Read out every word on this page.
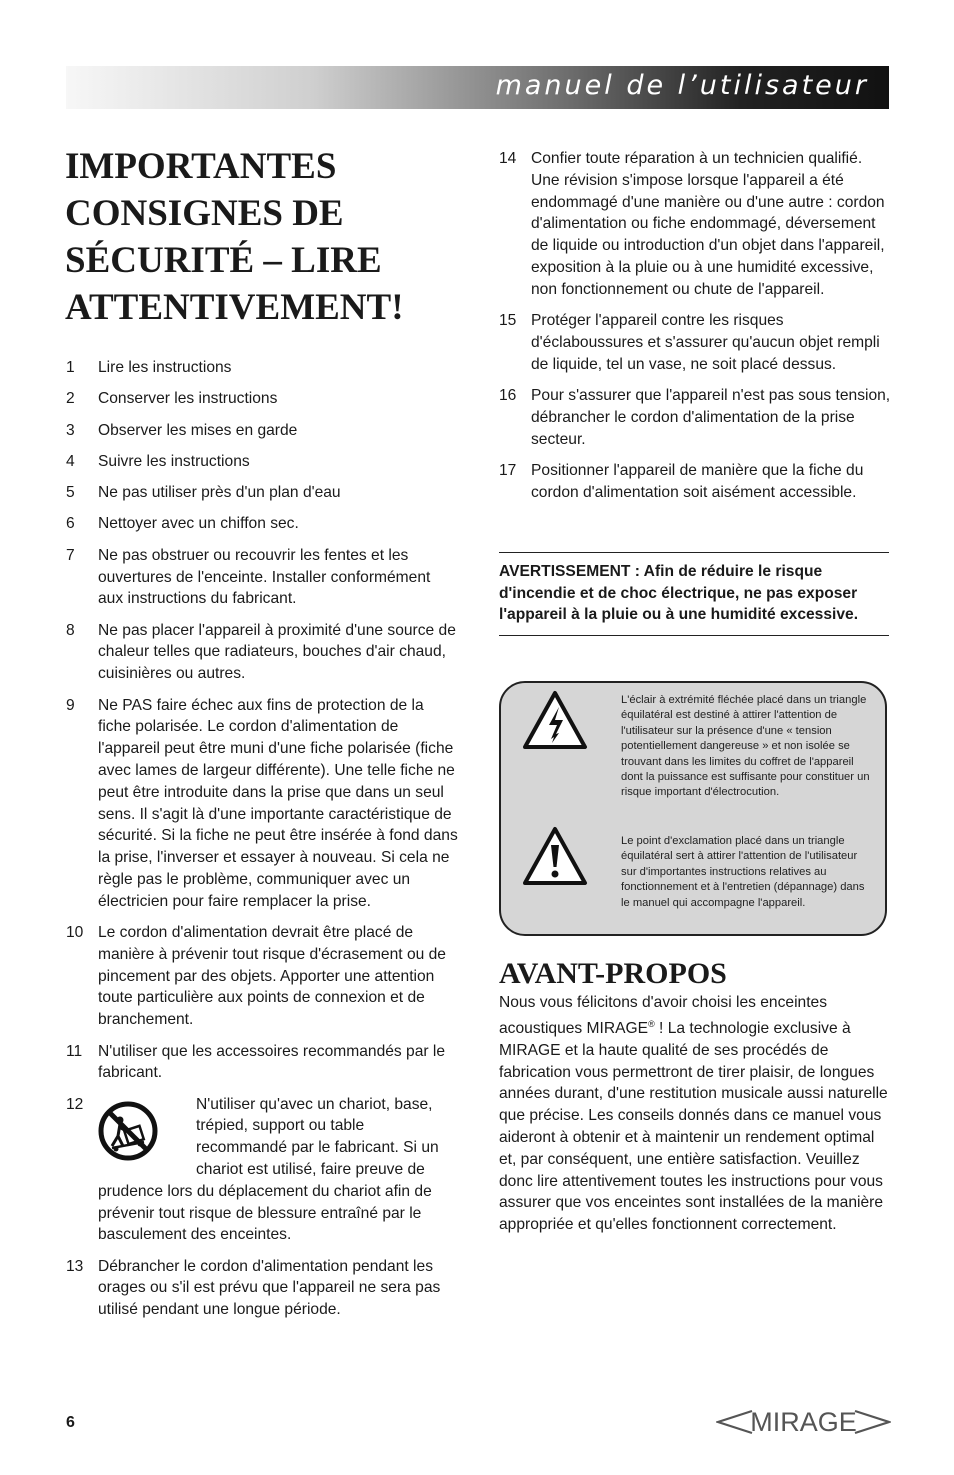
manuel de l’utilisateur
IMPORTANTES
CONSIGNES DE
SÉCURITÉ – LIRE
ATTENTIVEMENT!
1	Lire les instructions
2	Conserver les instructions
3	Observer les mises en garde
4	Suivre les instructions
5	Ne pas utiliser près d'un plan d'eau
6	Nettoyer avec un chiffon sec.
7	Ne pas obstruer ou recouvrir les fentes et les ouvertures de l'enceinte. Installer conformément aux instructions du fabricant.
8	Ne pas placer l'appareil à proximité d'une source de chaleur telles que radiateurs, bouches d'air chaud, cuisinières ou autres.
9	Ne PAS faire échec aux fins de protection de la fiche polarisée. Le cordon d'alimentation de l'appareil peut être muni d'une fiche polarisée (fiche avec lames de largeur différente). Une telle fiche ne peut être introduite dans la prise que dans un seul sens. Il s'agit là d'une importante caractéristique de sécurité. Si la fiche ne peut être insérée à fond dans la prise, l'inverser et essayer à nouveau. Si cela ne règle pas le problème, communiquer avec un électricien pour faire remplacer la prise.
10 Le cordon d'alimentation devrait être placé de manière à prévenir tout risque d'écrasement ou de pincement par des objets. Apporter une attention toute particulière aux points de connexion et de branchement.
11	N'utiliser que les accessoires recommandés par le fabricant.
12	N'utiliser qu'avec un chariot, base, trépied, support ou table recommandé par le fabricant. Si un chariot est utilisé, faire preuve de
prudence lors du déplacement du chariot afin de prévenir tout risque de blessure entraîné par le basculement des enceintes.
13 Débrancher le cordon d'alimentation pendant les orages ou s'il est prévu que l'appareil ne sera pas utilisé pendant une longue période.
14 Confier toute réparation à un technicien qualifié. Une révision s'impose lorsque l'appareil a été endommagé d'une manière ou d'une autre : cordon d'alimentation ou fiche endommagé, déversement de liquide ou introduction d'un objet dans l'appareil, exposition à la pluie ou à une humidité excessive, non fonctionnement ou chute de l'appareil.
15 Protéger l'appareil contre les risques d'éclaboussures et s'assurer qu'aucun objet rempli de liquide, tel un vase, ne soit placé dessus.
16 Pour s'assurer que l'appareil n'est pas sous tension, débrancher le cordon d'alimentation de la prise secteur.
17 Positionner l'appareil de manière que la fiche du cordon d'alimentation soit aisément accessible.
AVERTISSEMENT : Afin de réduire le risque d'incendie et de choc électrique, ne pas exposer l'appareil à la pluie ou à une humidité excessive.
L'éclair à extrémité fléchée placé dans un triangle équilatéral est destiné à attirer l'attention de l'utilisateur sur la présence d'une « tension potentiellement dangereuse » et non isolée se trouvant dans les limites du coffret de l'appareil dont la puissance est suffisante pour constituer un risque important d'électrocution.
Le point d'exclamation placé dans un triangle équilatéral sert à attirer l'attention de l'utilisateur sur d'importantes instructions relatives au fonctionnement et à l'entretien (dépannage) dans le manuel qui accompagne l'appareil.
AVANT-PROPOS
Nous vous félicitons d'avoir choisi les enceintes acoustiques MIRAGE® ! La technologie exclusive à MIRAGE et la haute qualité de ses procédés de fabrication vous permettront de tirer plaisir, de longues années durant, d'une restitution musicale aussi naturelle que précise. Les conseils donnés dans ce manuel vous aideront à obtenir et à maintenir un rendement optimal et, par conséquent, une entière satisfaction. Veuillez donc lire attentivement toutes les instructions pour vous assurer que vos enceintes sont installées de la manière appropriée et qu'elles fonctionnent correctement.
6	MIRAGE
